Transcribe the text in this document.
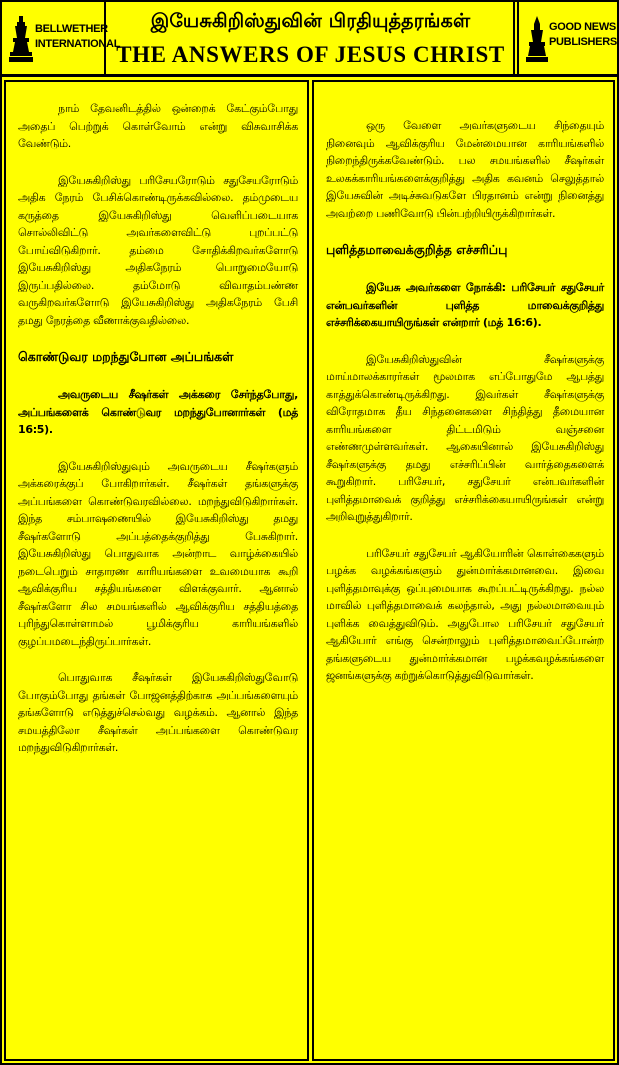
BELLWETHER
INTERNATIONAL
இயேசுகிறிஸ்துவின் பிரதியுத்தரங்கள்
THE ANSWERS OF JESUS CHRIST
GOOD NEWS
PUBLISHERS

நாம் தேவனிடத்தில் ஒன்றைக் கேட்கும்போது அதைப் பெற்றுக் கொள்வோம் என்று விசுவாசிக்க வேண்டும்.

இயேசுகிறிஸ்து பரிசேயரோடும் சதுசேயரோடும் அதிக நேரம் பேசிக்கொண்டிருக்கவில்லை. தம்முடைய கருத்தை இயேசுகிறிஸ்து வெளிப்படையாக சொல்லிவிட்டு அவர்களைவிட்டு புறப்பட்டு போய்விடுகிறார். தம்மை சோதிக்கிறவர்களோடு இயேசுகிறிஸ்து அதிகநேரம் பொறுமையோடு இருப்பதில்லை. தம்மோடு விவாதம்பண்ண வருகிறவர்களோடு இயேசுகிறிஸ்து அதிகநேரம் பேசி தமது நேரத்தை வீணாக்குவதில்லை.

கொண்டுவர மறந்துபோன அப்பங்கள்

அவருடைய சீஷர்கள் அக்கரை சேர்ந்தபோது, அப்பங்களைக் கொண்டுவர மறந்துபோனார்கள் (மத் 16:5).

இயேசுகிறிஸ்துவும் அவருடைய சீஷர்களும் அக்கரைக்குப் போகிறார்கள். சீஷர்கள் தங்களுக்கு அப்பங்களை கொண்டுவரவில்லை. மறந்துவிடுகிறார்கள். இந்த சம்பாஷணையில் இயேசுகிறிஸ்து தமது சீஷர்களோடு அப்பத்தைக்குறித்து பேசுகிறார். இயேசுகிறிஸ்து பொதுவாக அன்றாட வாழ்க்கையில் நடைபெறும் சாதாரண காரியங்களை உவமையாக கூறி ஆவிக்குரிய சத்தியங்களை விளக்குவார். ஆனால் சீஷர்களோ சில சமயங்களில் ஆவிக்குரிய சத்தியத்தை புரிந்துகொள்ளாமல் பூமிக்குரிய காரியங்களில் குழப்பமடைந்திருப்பார்கள்.

பொதுவாக சீஷர்கள் இயேசுகிறிஸ்துவோடு போகும்போது தங்கள் போஜனத்திற்காக அப்பங்களையும் தங்களோடு எடுத்துச்செல்வது வழக்கம். ஆனால் இந்த சமயத்திலோ சீஷர்கள் அப்பங்களை கொண்டுவர மறந்துவிடுகிறார்கள்.

ஒரு வேளை அவர்களுடைய சிந்தையும் நினைவும் ஆவிக்குரிய மேன்மையான காரியங்களில் நிறைந்திருக்கவேண்டும். பல சமயங்களில் சீஷர்கள் உலகக்காரியங்களைக்குறித்து அதிக கவனம் செலுத்தால் இயேசுவின் அடிச்சுவடுகளே பிரதானம் என்று நினைத்து அவற்றை பணிவோடு பின்பற்றியிருக்கிறார்கள்.

புளித்தமாவைக்குறித்த எச்சரிப்பு

இயேசு அவர்களை நோக்கி: பரிசேயர் சதுசேயர் என்பவர்களின் புளித்த மாவைக்குறித்து எச்சரிக்கையாயிருங்கள் என்றார் (மத் 16:6).

இயேசுகிறிஸ்துவின் சீஷர்களுக்கு மாய்மாலக்காரர்கள் மூலமாக எப்போதுமே ஆபத்து காத்துக்கொண்டிருக்கிறது. இவர்கள் சீஷர்களுக்கு விரோதமாக தீய சிந்தனைகளை சிந்தித்து தீமையான காரியங்களை திட்டமிடும் வஞ்சனை எண்ணமுள்ளவர்கள். ஆகையினால் இயேசுகிறிஸ்து சீஷர்களுக்கு தமது எச்சரிப்பின் வார்த்தைகளைக் கூறுகிறார். பரிசேயர், சதுசேயர் என்பவர்களின் புளித்தமாவைக் குறித்து எச்சரிக்கையாயிருங்கள் என்று அறிவுறுத்துகிறார்.

பரிசேயர் சதுசேயர் ஆகியோரின் கொள்கைகளும் பழக்க வழக்கங்களும் துன்மார்க்கமானவை. இவை புளித்தமாவுக்கு ஒப்புமையாக கூறப்பட்டிருக்கிறது. நல்ல மாவில் புளித்தமாவைக் கலந்தால், அது நல்லமாவையும் புளிக்க வைத்துவிடும். அதுபோல பரிசேயர் சதுசேயர் ஆகியோர் எங்கு சென்றாலும் புளித்தமாவைப்போன்ற தங்களுடைய துன்மார்க்கமான பழக்கவழக்கங்களை ஜனங்களுக்கு கற்றுக்கொடுத்துவிடுவார்கள்.
